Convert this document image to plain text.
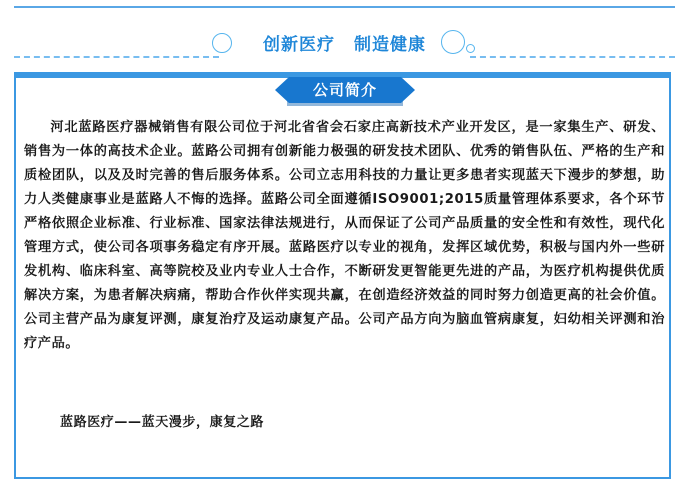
创新医疗 制造健康
公司简介
河北蓝路医疗器械销售有限公司位于河北省省会石家庄高新技术产业开发区，是一家集生产、研发、销售为一体的高技术企业。蓝路公司拥有创新能力极强的研发技术团队、优秀的销售队伍、严格的生产和质检团队，以及及时完善的售后服务体系。公司立志用科技的力量让更多患者实现蓝天下漫步的梦想，助力人类健康事业是蓝路人不悔的选择。蓝路公司全面遵循ISO9001;2015质量管理体系要求，各个环节严格依照企业标准、行业标准、国家法律法规进行，从而保证了公司产品质量的安全性和有效性，现代化管理方式，使公司各项事务稳定有序开展。蓝路医疗以专业的视角，发挥区域优势，积极与国内外一些研发机构、临床科室、高等院校及业内专业人士合作，不断研发更智能更先进的产品，为医疗机构提供优质解决方案，为患者解决病痛，帮助合作伙伴实现共赢，在创造经济效益的同时努力创造更高的社会价值。公司主营产品为康复评测，康复治疗及运动康复产品。公司产品方向为脑血管病康复，妇幼相关评测和治疗产品。
蓝路医疗——蓝天漫步，康复之路
